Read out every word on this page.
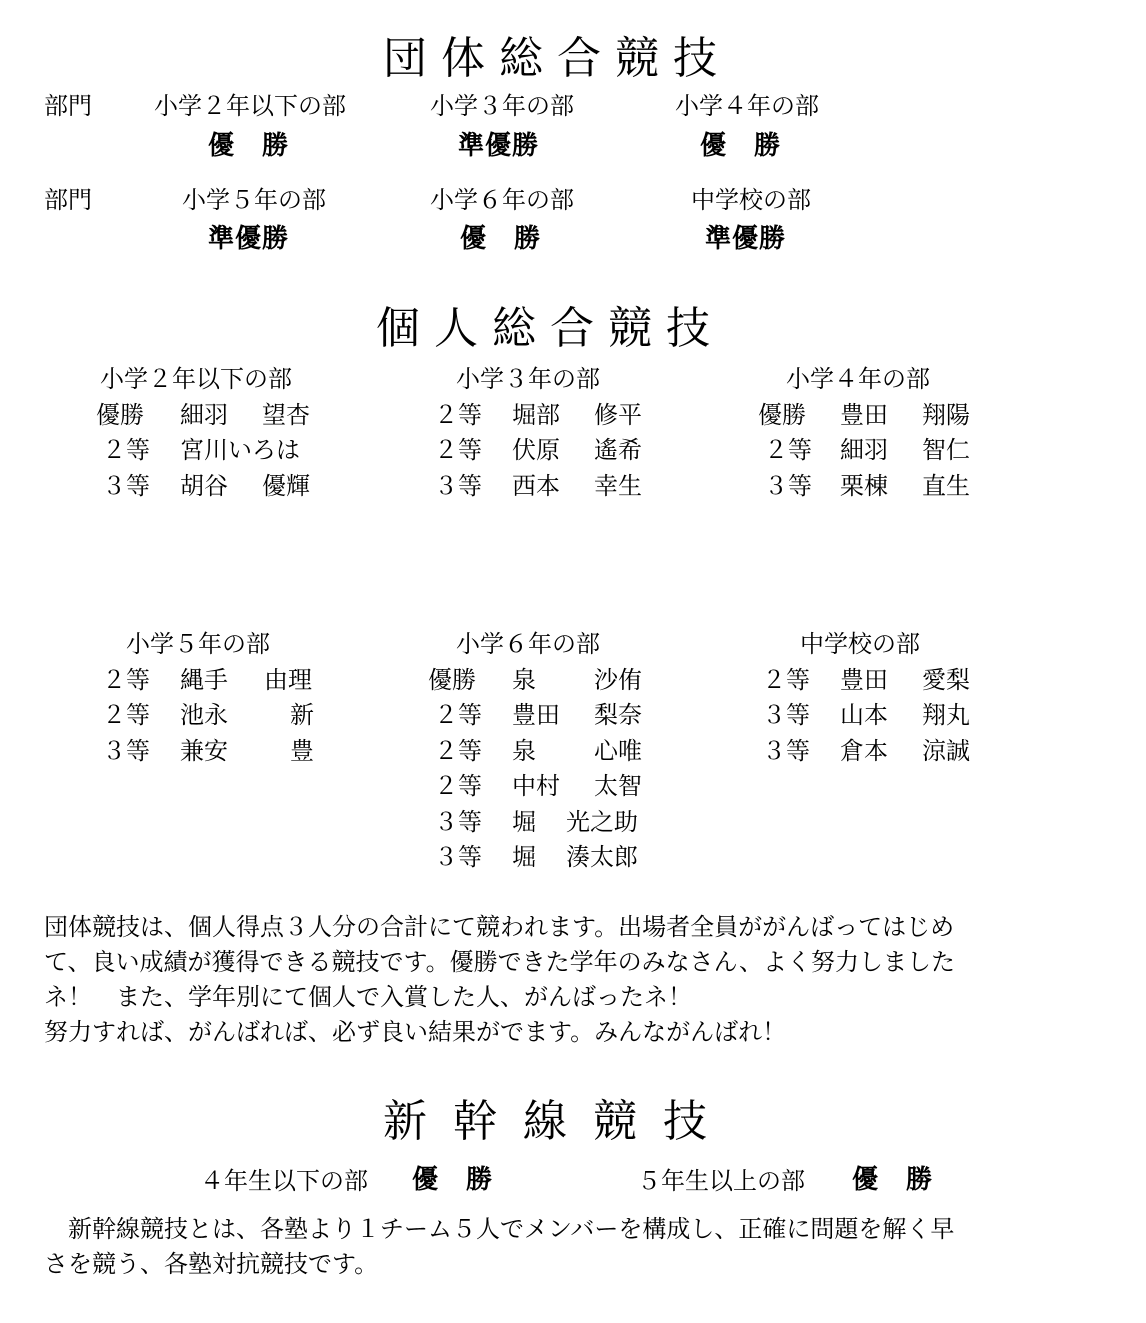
団体総合競技
部門	小学２年以下の部	小学３年の部	小学４年の部
優　勝	準優勝	優　勝
部門	小学５年の部	小学６年の部	中学校の部
準優勝	優　勝	準優勝
個人総合競技
小学２年以下の部
優勝	細羽	望杏
２等	宮川 いろは
３等	胡谷	優輝
小学３年の部
２等	堀部	修平
２等	伏原	遙希
３等	西本	幸生
小学４年の部
優勝	豊田	翔陽
２等	細羽	智仁
３等	栗棟	直生
小学５年の部
２等	縄手	由理
２等	池永	新
３等	兼安	豊
小学６年の部
優勝	泉	沙侑
２等	豊田	梨奈
２等	泉	心唯
２等	中村	太智
３等	堀	光之助
３等	堀	湊太郎
中学校の部
２等	豊田	愛梨
３等	山本	翔丸
３等	倉本	涼誠
団体競技は、個人得点３人分の合計にて競われます。出場者全員ががんばってはじめ
て、良い成績が獲得できる競技です。優勝できた学年のみなさん、よく努力しました
ネ！　また、学年別にて個人で入賞した人、がんばったネ！
努力すれば、がんばれば、必ず良い結果がでます。みんながんばれ！
新幹線競技
４年生以下の部 優　勝	５年生以上の部 優　勝
　新幹線競技とは、各塾より１チーム５人でメンバーを構成し、正確に問題を解く早
さを競う、各塾対抗競技です。
